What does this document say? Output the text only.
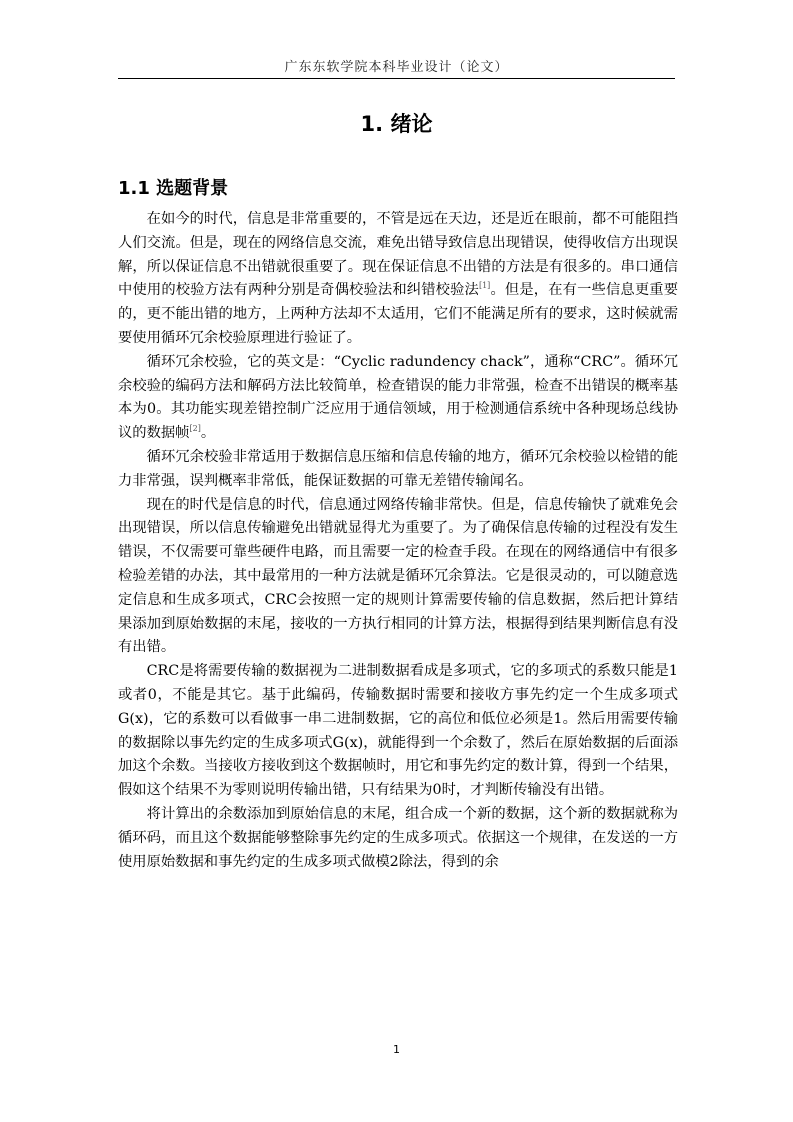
广东东软学院本科毕业设计（论文）
1. 绪论
1.1 选题背景

在如今的时代，信息是非常重要的，不管是远在天边，还是近在眼前，都不可能阻挡人们交流。但是，现在的网络信息交流，难免出错导致信息出现错误，使得收信方出现误解，所以保证信息不出错就很重要了。现在保证信息不出错的方法是有很多的。串口通信中使用的校验方法有两种分别是奇偶校验法和纠错校验法[1]。但是，在有一些信息更重要的，更不能出错的地方，上两种方法却不太适用，它们不能满足所有的要求，这时候就需要使用循环冗余校验原理进行验证了。

循环冗余校验，它的英文是：“Cyclic radundency chack”，通称“CRC”。循环冗余校验的编码方法和解码方法比较简单，检查错误的能力非常强，检查不出错误的概率基本为0。其功能实现差错控制广泛应用于通信领域，用于检测通信系统中各种现场总线协议的数据帧[2]。

循环冗余校验非常适用于数据信息压缩和信息传输的地方，循环冗余校验以检错的能力非常强，误判概率非常低，能保证数据的可靠无差错传输闻名。

现在的时代是信息的时代，信息通过网络传输非常快。但是，信息传输快了就难免会出现错误，所以信息传输避免出错就显得尤为重要了。为了确保信息传输的过程没有发生错误，不仅需要可靠些硬件电路，而且需要一定的检查手段。在现在的网络通信中有很多检验差错的办法，其中最常用的一种方法就是循环冗余算法。它是很灵动的，可以随意选定信息和生成多项式，CRC会按照一定的规则计算需要传输的信息数据，然后把计算结果添加到原始数据的末尾，接收的一方执行相同的计算方法，根据得到结果判断信息有没有出错。

CRC是将需要传输的数据视为二进制数据看成是多项式，它的多项式的系数只能是1或者0，不能是其它。基于此编码，传输数据时需要和接收方事先约定一个生成多项式G(x)，它的系数可以看做事一串二进制数据，它的高位和低位必须是1。然后用需要传输的数据除以事先约定的生成多项式G(x)，就能得到一个余数了，然后在原始数据的后面添加这个余数。当接收方接收到这个数据帧时，用它和事先约定的数计算，得到一个结果，假如这个结果不为零则说明传输出错，只有结果为0时，才判断传输没有出错。

将计算出的余数添加到原始信息的末尾，组合成一个新的数据，这个新的数据就称为循环码，而且这个数据能够整除事先约定的生成多项式。依据这一个规律，在发送的一方使用原始数据和事先约定的生成多项式做模2除法，得到的余

1
